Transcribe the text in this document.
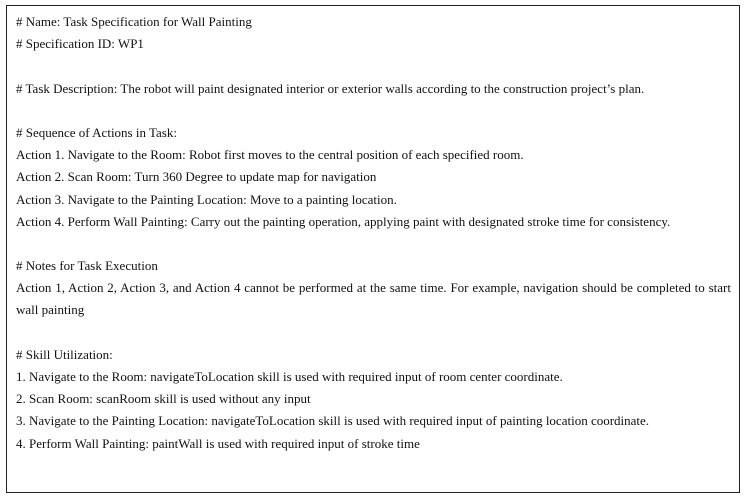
# Name: Task Specification for Wall Painting
# Specification ID: WP1
# Task Description: The robot will paint designated interior or exterior walls according to the construction project’s plan.
# Sequence of Actions in Task:
Action 1. Navigate to the Room: Robot first moves to the central position of each specified room.
Action 2. Scan Room: Turn 360 Degree to update map for navigation
Action 3. Navigate to the Painting Location: Move to a painting location.

Action 4. Perform Wall Painting: Carry out the painting operation, applying paint with designated stroke time for consistency.

# Notes for Task Execution

Action 1, Action 2, Action 3, and Action 4 cannot be performed at the same time. For example, navigation should be completed to start wall painting

# Skill Utilization:
1. Navigate to the Room: navigateToLocation skill is used with required input of room center coordinate.
2. Scan Room: scanRoom skill is used without any input
3. Navigate to the Painting Location: navigateToLocation skill is used with required input of painting location coordinate.
4. Perform Wall Painting: paintWall is used with required input of stroke time
